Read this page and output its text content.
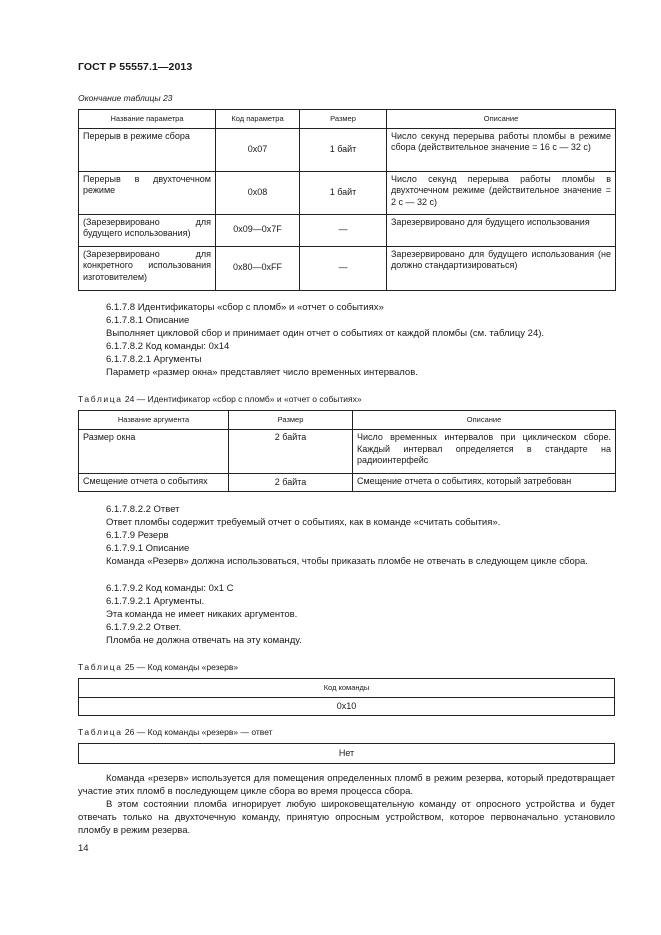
ГОСТ Р 55557.1—2013
Окончание таблицы 23
Название параметра	Код параметра	Размер	Описание
Перерыв в режиме сбора	0x07	1 байт	Число секунд перерыва работы пломбы в режиме сбора (действительное значение = 16 с — 32 с)
Перерыв в двухточечном режиме	0x08	1 байт	Число секунд перерыва работы пломбы в двухточечном режиме (действительное значение = 2 с — 32 с)
(Зарезервировано для будущего использования)	0x09—0x7F	—	Зарезервировано для будущего использования
(Зарезервировано для конкретного использования изготовителем)	0x80—0xFF	—	Зарезервировано для будущего использования (не должно стандартизироваться)
6.1.7.8 Идентификаторы «сбор с пломб» и «отчет о событиях»
6.1.7.8.1 Описание
Выполняет цикловой сбор и принимает один отчет о событиях от каждой пломбы (см. таблицу 24).
6.1.7.8.2 Код команды: 0x14
6.1.7.8.2.1 Аргументы
Параметр «размер окна» представляет число временных интервалов.
Таблица 24 — Идентификатор «сбор с пломб» и «отчет о событиях»
Название аргумента	Размер	Описание
Размер окна	2 байта	Число временных интервалов при циклическом сборе. Каждый интервал определяется в стандарте на радиоинтерфейс
Смещение отчета о событиях	2 байта	Смещение отчета о событиях, который затребован
6.1.7.8.2.2 Ответ
Ответ пломбы содержит требуемый отчет о событиях, как в команде «считать события».
6.1.7.9 Резерв
6.1.7.9.1 Описание
Команда «Резерв» должна использоваться, чтобы приказать пломбе не отвечать в следующем цикле сбора.
6.1.7.9.2 Код команды: 0x1 C
6.1.7.9.2.1 Аргументы.
Эта команда не имеет никаких аргументов.
6.1.7.9.2.2 Ответ.
Пломба не должна отвечать на эту команду.
Таблица 25 — Код команды «резерв»
Код команды
0x10
Таблица 26 — Код команды «резерв» — ответ
Нет
Команда «резерв» используется для помещения определенных пломб в режим резерва, который предотвращает участие этих пломб в последующем цикле сбора во время процесса сбора.
В этом состоянии пломба игнорирует любую широковещательную команду от опросного устройства и будет отвечать только на двухточечную команду, принятую опросным устройством, которое первоначально установило пломбу в режим резерва.
14
